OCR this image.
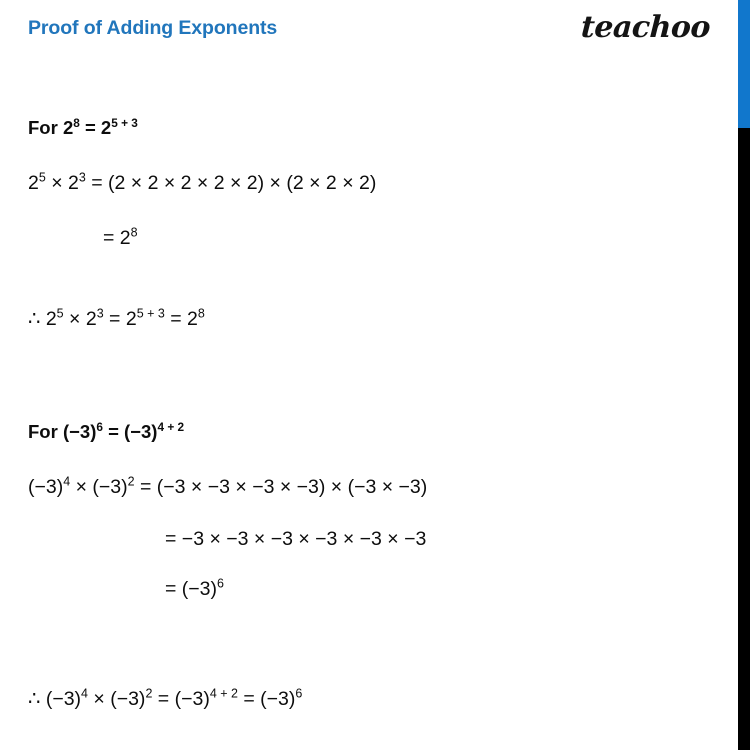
Proof of Adding Exponents	teachoo
For $2^8 = 2^{5 + 3}$
$2^5 \times 2^3 = (2 \times 2 \times 2 \times 2 \times 2) \times (2 \times 2 \times 2)$
= $2^8$
∴ $2^5 \times 2^3 = 2^{5 + 3} = 2^8$
For $(-3)^6 = (-3)^{4 + 2}$
$(-3)^4 \times (-3)^2 = (-3 \times -3 \times -3 \times -3) \times (-3 \times -3)$
= −3 × −3 × −3 × −3 × −3 × −3
= $(-3)^6$
∴ $(-3)^4 \times (-3)^2 = (-3)^{4 + 2} = (-3)^6$
